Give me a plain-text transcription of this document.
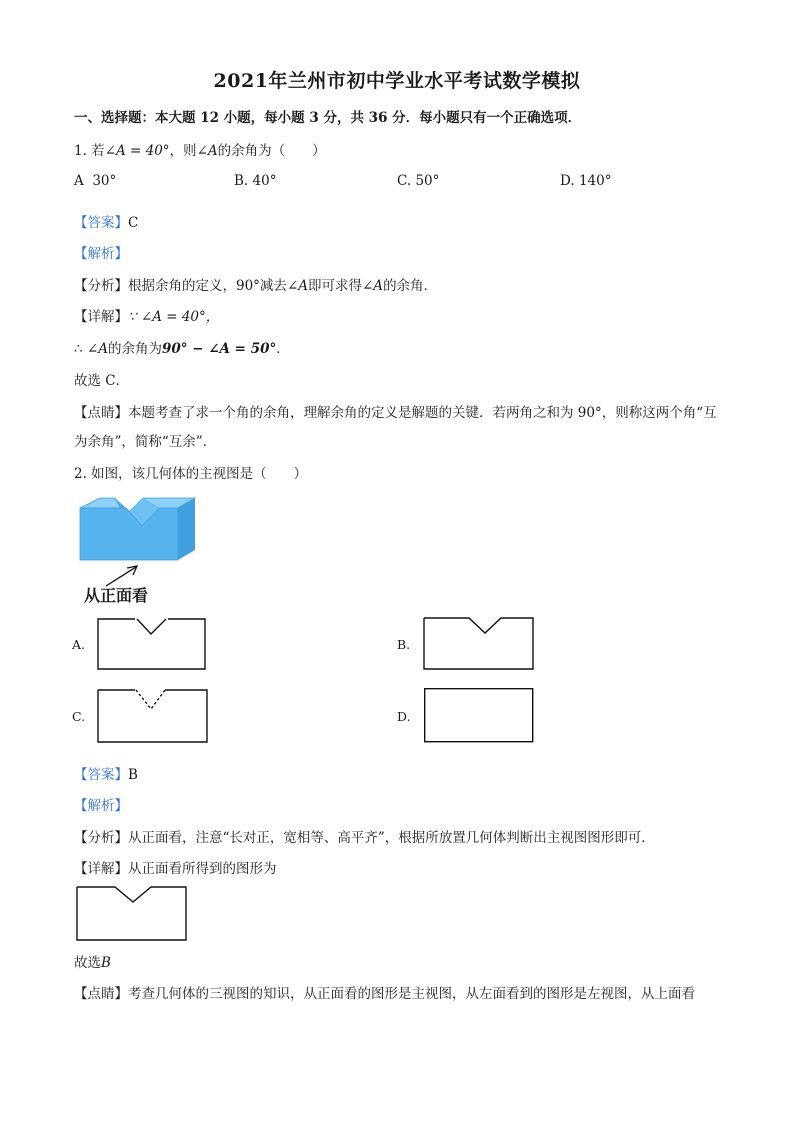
2021年兰州市初中学业水平考试数学模拟
一、选择题：本大题 12 小题，每小题 3 分，共 36 分．每小题只有一个正确选项．
1. 若∠A = 40°，则∠A的余角为（　　）
A 30°	B. 40°	C. 50°	D. 140°
【答案】C
【解析】
【分析】根据余角的定义，90°减去∠A即可求得∠A的余角．
【详解】∵ ∠A = 40°，
∴ ∠A的余角为90° − ∠A = 50°．
故选 C．
【点睛】本题考查了求一个角的余角，理解余角的定义是解题的关键．若两角之和为 90°，则称这两个角“互
为余角”，简称“互余”．
2. 如图，该几何体的主视图是（　　）
从正面看
A.	B.
C.	D.
【答案】B
【解析】
【分析】从正面看，注意“长对正，宽相等、高平齐”，根据所放置几何体判断出主视图图形即可．
【详解】从正面看所得到的图形为
故选B
【点睛】考查几何体的三视图的知识，从正面看的图形是主视图，从左面看到的图形是左视图，从上面看
